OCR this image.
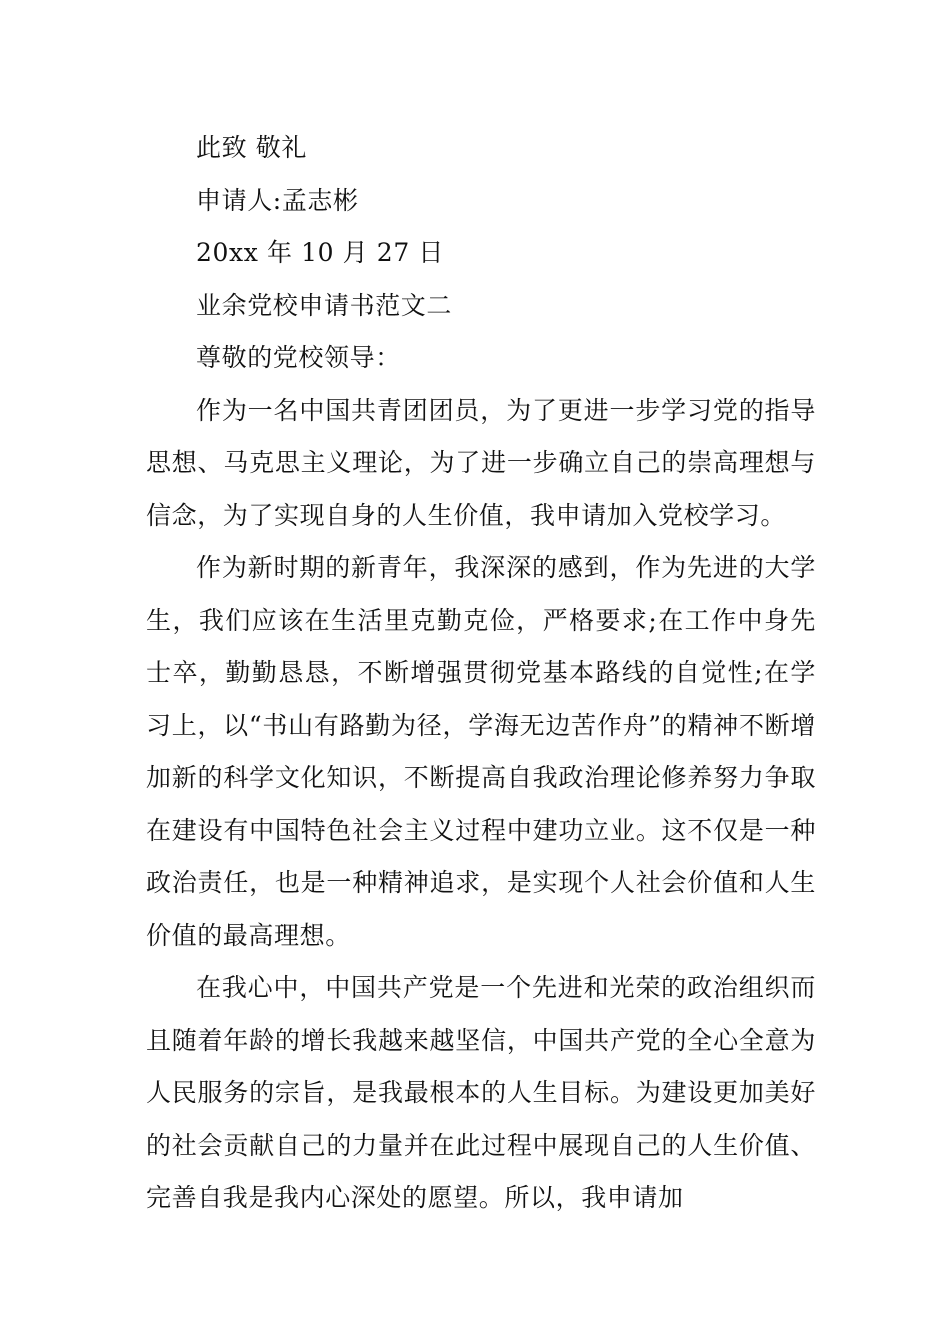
此致 敬礼

申请人:孟志彬

20xx 年 10 月 27 日

业余党校申请书范文二

尊敬的党校领导：

作为一名中国共青团团员，为了更进一步学习党的指导思想、马克思主义理论，为了进一步确立自己的崇高理想与信念，为了实现自身的人生价值，我申请加入党校学习。

作为新时期的新青年，我深深的感到，作为先进的大学生，我们应该在生活里克勤克俭，严格要求;在工作中身先士卒，勤勤恳恳，不断增强贯彻党基本路线的自觉性;在学习上，以“书山有路勤为径，学海无边苦作舟”的精神不断增加新的科学文化知识，不断提高自我政治理论修养努力争取在建设有中国特色社会主义过程中建功立业。这不仅是一种政治责任，也是一种精神追求，是实现个人社会价值和人生价值的最高理想。

在我心中，中国共产党是一个先进和光荣的政治组织而且随着年龄的增长我越来越坚信，中国共产党的全心全意为人民服务的宗旨，是我最根本的人生目标。为建设更加美好的社会贡献自己的力量并在此过程中展现自己的人生价值、完善自我是我内心深处的愿望。所以，我申请加
